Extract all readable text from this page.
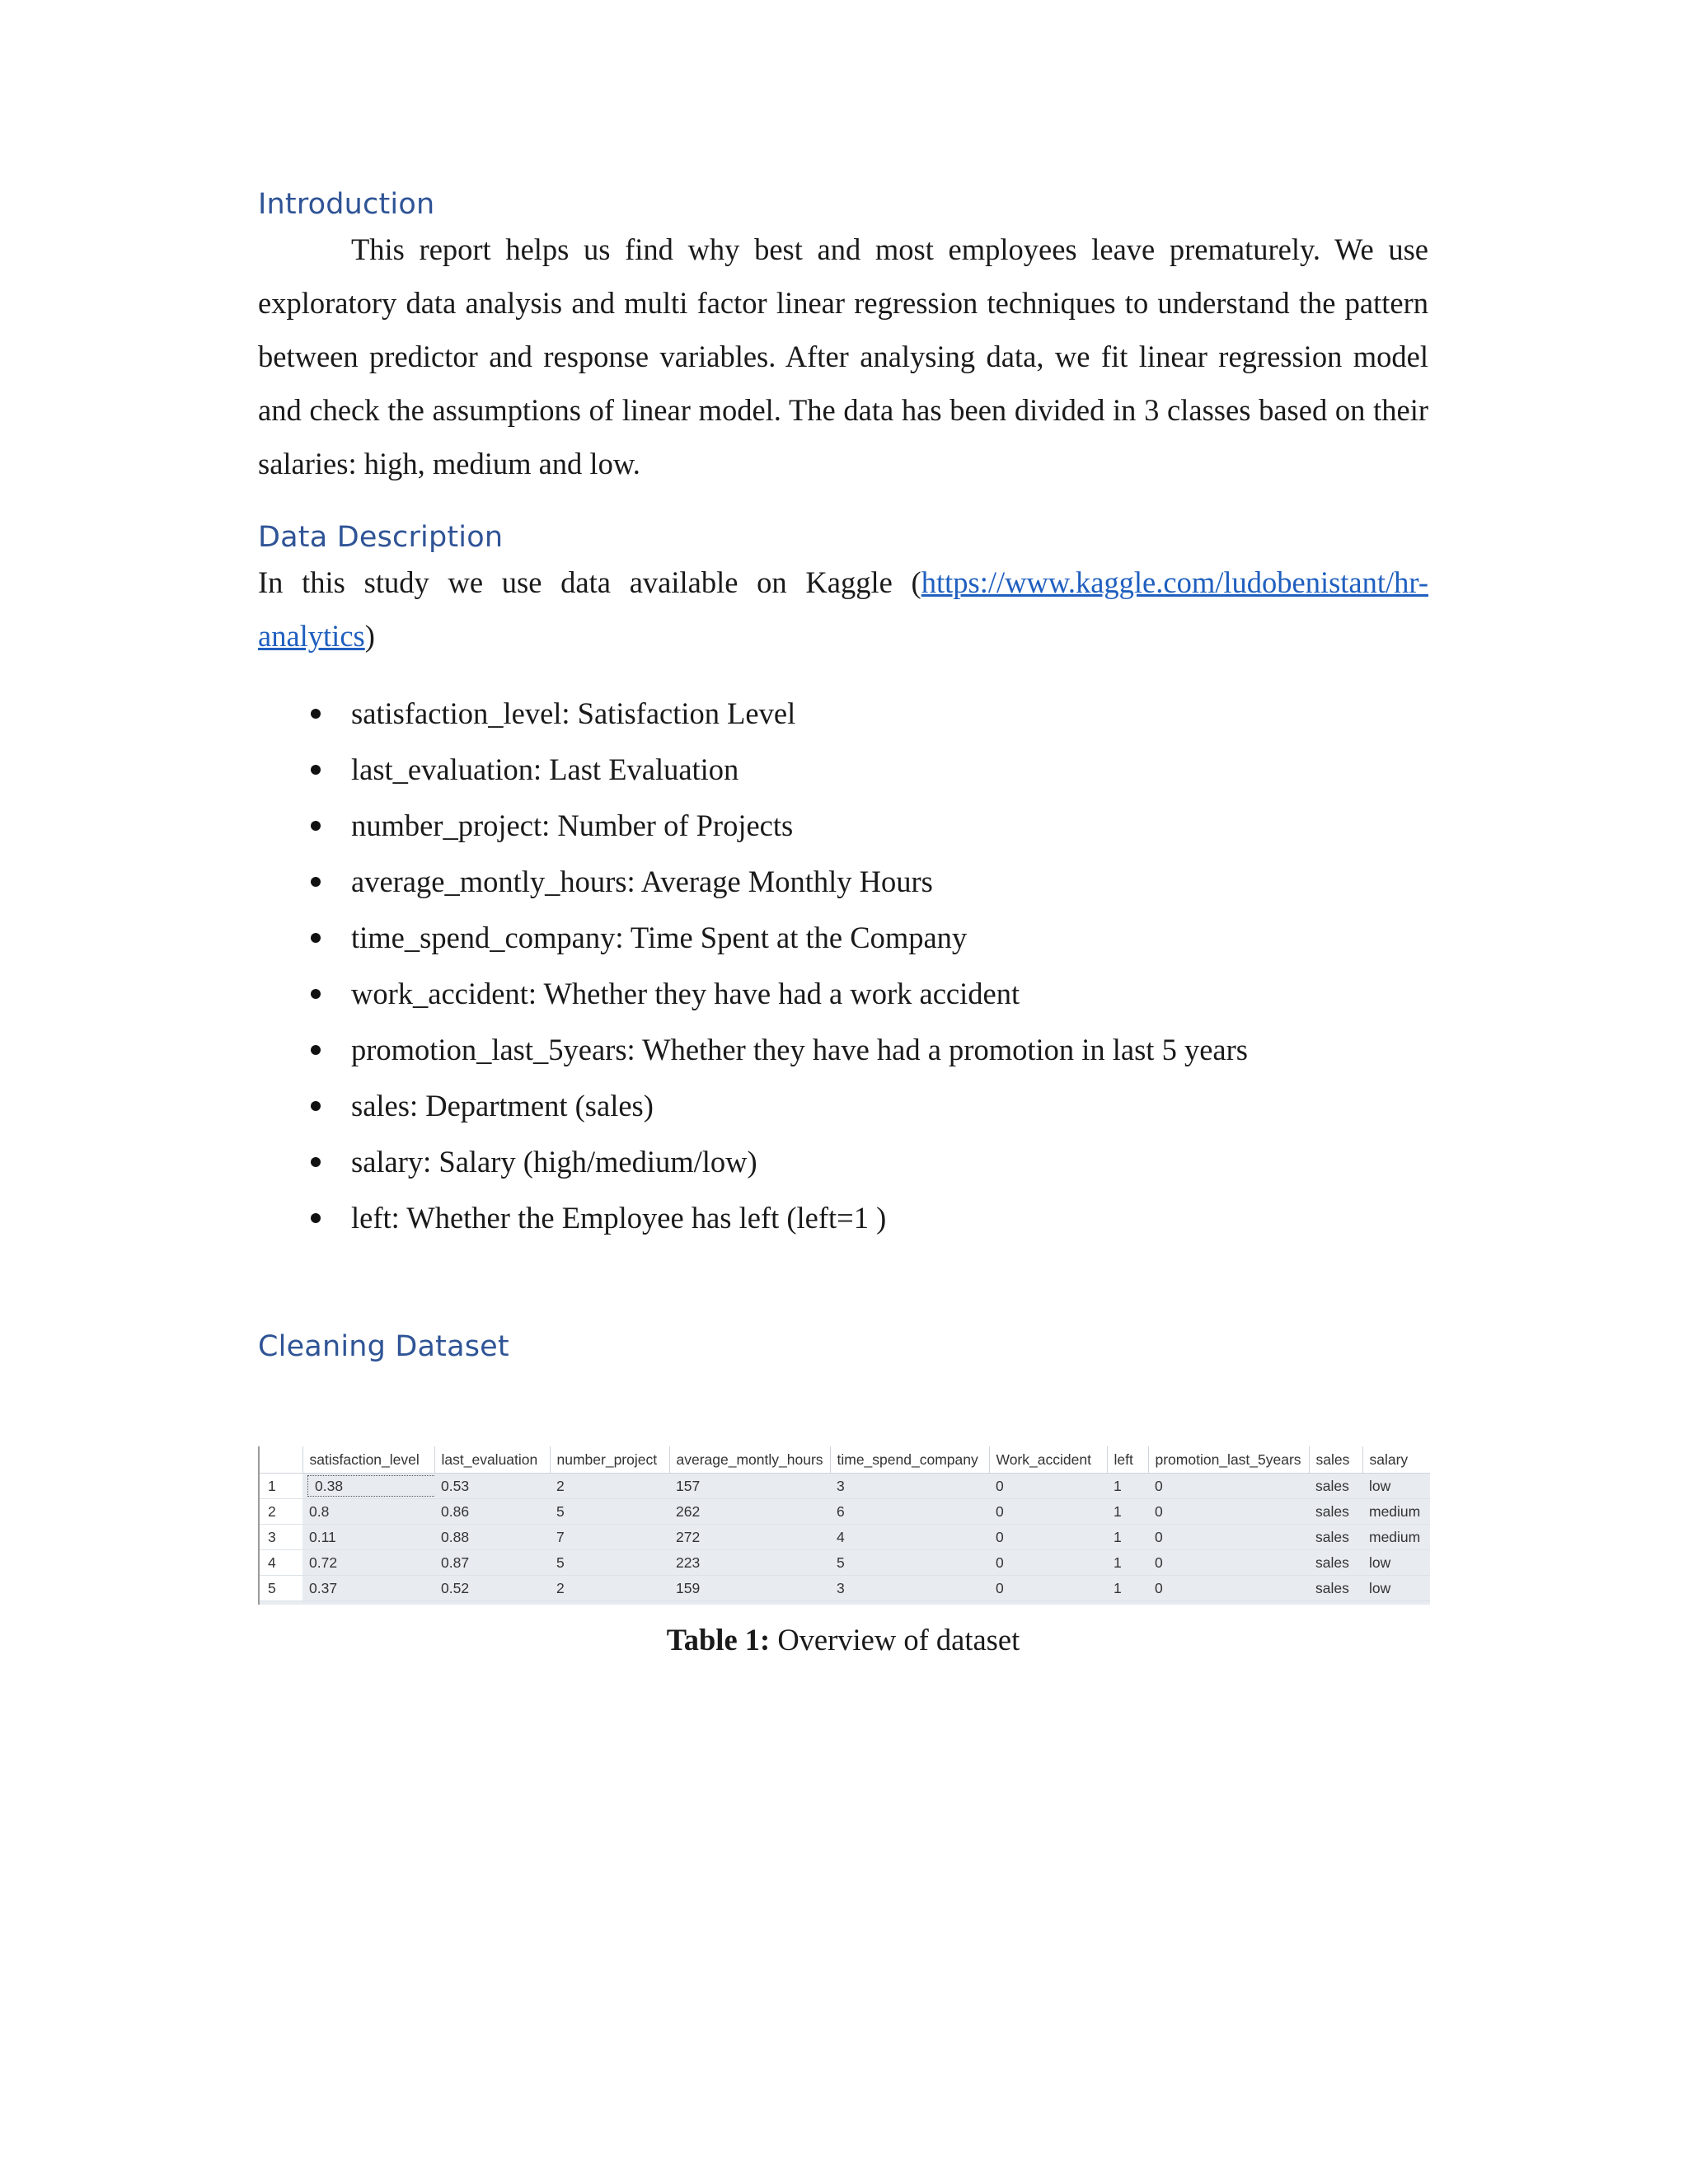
Introduction

This report helps us find why best and most employees leave prematurely. We use exploratory data analysis and multi factor linear regression techniques to understand the pattern between predictor and response variables. After analysing data, we fit linear regression model and check the assumptions of linear model. The data has been divided in 3 classes based on their salaries: high, medium and low.

Data Description

In this study we use data available on Kaggle (https://www.kaggle.com/ludobenistant/hr-analytics)

satisfaction_level: Satisfaction Level
last_evaluation: Last Evaluation
number_project: Number of Projects
average_montly_hours: Average Monthly Hours
time_spend_company: Time Spent at the Company
work_accident: Whether they have had a work accident
promotion_last_5years: Whether they have had a promotion in last 5 years
sales: Department (sales)
salary: Salary (high/medium/low)
left: Whether the Employee has left (left=1 )
Cleaning Dataset
	satisfaction_level	last_evaluation	number_project	average_montly_hours	time_spend_company	Work_accident	left	promotion_last_5years	sales	salary
1	0.38	0.53	2	157	3	0	1	0	sales	low
2	0.8	0.86	5	262	6	0	1	0	sales	medium
3	0.11	0.88	7	272	4	0	1	0	sales	medium
4	0.72	0.87	5	223	5	0	1	0	sales	low
5	0.37	0.52	2	159	3	0	1	0	sales	low
Table 1: Overview of dataset
